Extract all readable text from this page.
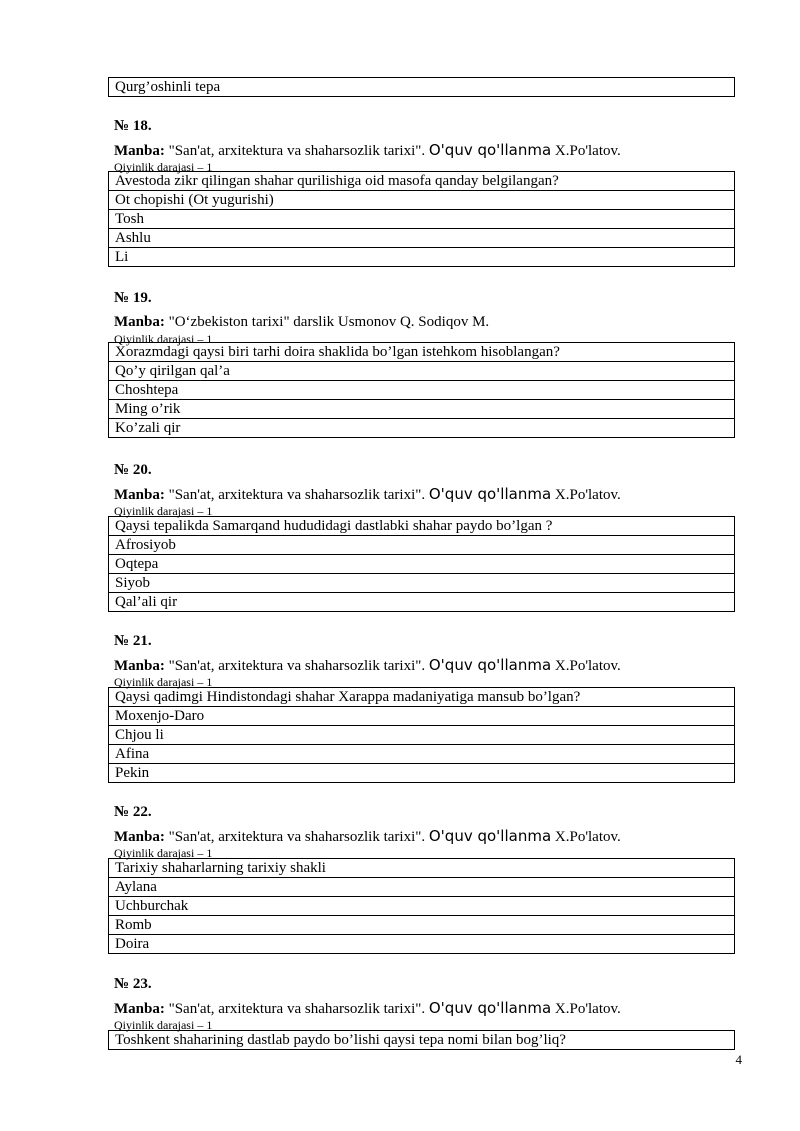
Qurg’oshinli tepa
№ 18.
Manba: "San'at, arxitektura va shaharsozlik tarixi". O'quv qo'llanma X.Po'latov.
Qiyinlik darajasi – 1
Avestoda zikr qilingan shahar qurilishiga oid masofa qanday belgilangan?
Ot chopishi (Ot yugurishi)
Tosh
Ashlu
Li
№ 19.
Manba: "O‘zbekiston tarixi" darslik Usmonov Q. Sodiqov M.
Qiyinlik darajasi – 1
Xorazmdagi qaysi biri tarhi doira shaklida bo’lgan istehkom hisoblangan?
Qo’y qirilgan qal’a
Choshtepa
Ming o’rik
Ko’zali qir
№ 20.
Manba: "San'at, arxitektura va shaharsozlik tarixi". O'quv qo'llanma X.Po'latov.
Qiyinlik darajasi – 1
Qaysi tepalikda Samarqand hududidagi dastlabki shahar paydo bo’lgan ?
Afrosiyob
Oqtepa
Siyob
Qal’ali qir
№ 21.
Manba: "San'at, arxitektura va shaharsozlik tarixi". O'quv qo'llanma X.Po'latov.
Qiyinlik darajasi – 1
Qaysi qadimgi Hindistondagi shahar Xarappa madaniyatiga mansub bo’lgan?
Moxenjo-Daro
Chjou li
Afina
Pekin
№ 22.
Manba: "San'at, arxitektura va shaharsozlik tarixi". O'quv qo'llanma X.Po'latov.
Qiyinlik darajasi – 1
Tarixiy shaharlarning tarixiy shakli
Aylana
Uchburchak
Romb
Doira
№ 23.
Manba: "San'at, arxitektura va shaharsozlik tarixi". O'quv qo'llanma X.Po'latov.
Qiyinlik darajasi – 1
Toshkent shaharining dastlab paydo bo’lishi qaysi tepa nomi bilan bog’liq?
4
